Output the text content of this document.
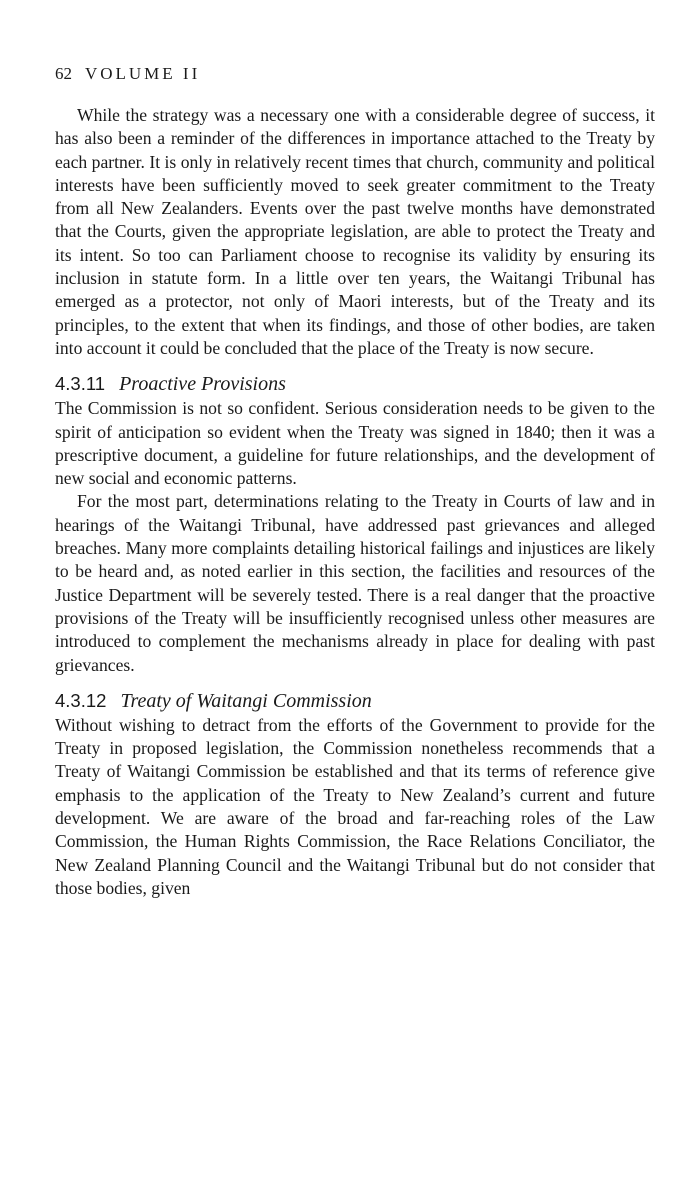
62 VOLUME II

While the strategy was a necessary one with a considerable degree of success, it has also been a reminder of the differences in importance attached to the Treaty by each partner. It is only in relatively recent times that church, community and political interests have been sufficiently moved to seek greater commitment to the Treaty from all New Zealanders. Events over the past twelve months have demonstrated that the Courts, given the appropriate legislation, are able to protect the Treaty and its intent. So too can Parliament choose to recognise its validity by ensuring its inclusion in statute form. In a little over ten years, the Waitangi Tribunal has emerged as a protector, not only of Maori interests, but of the Treaty and its principles, to the extent that when its findings, and those of other bodies, are taken into account it could be concluded that the place of the Treaty is now secure.

4.3.11 Proactive Provisions

The Commission is not so confident. Serious consideration needs to be given to the spirit of anticipation so evident when the Treaty was signed in 1840; then it was a prescriptive document, a guideline for future relationships, and the development of new social and economic patterns.

For the most part, determinations relating to the Treaty in Courts of law and in hearings of the Waitangi Tribunal, have addressed past grievances and alleged breaches. Many more complaints detailing historical failings and injustices are likely to be heard and, as noted earlier in this section, the facilities and resources of the Justice Department will be severely tested. There is a real danger that the proactive provisions of the Treaty will be insufficiently recognised unless other measures are introduced to complement the mechanisms already in place for dealing with past grievances.

4.3.12 Treaty of Waitangi Commission

Without wishing to detract from the efforts of the Government to provide for the Treaty in proposed legislation, the Commission nonetheless recommends that a Treaty of Waitangi Commission be established and that its terms of reference give emphasis to the application of the Treaty to New Zealand’s current and future development. We are aware of the broad and far-reaching roles of the Law Commission, the Human Rights Commission, the Race Relations Conciliator, the New Zealand Planning Council and the Waitangi Tribunal but do not consider that those bodies, given
